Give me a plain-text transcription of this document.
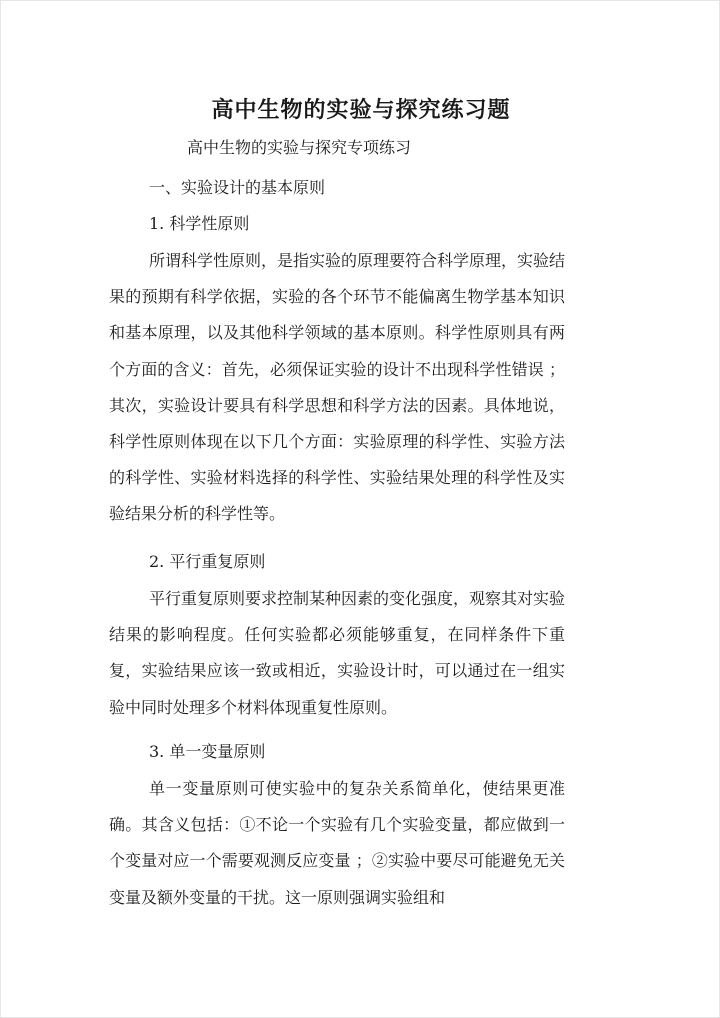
高中生物的实验与探究练习题

高中生物的实验与探究专项练习

一、实验设计的基本原则

1. 科学性原则

所谓科学性原则，是指实验的原理要符合科学原理，实验结果的预期有科学依据，实验的各个环节不能偏离生物学基本知识和基本原理，以及其他科学领域的基本原则。科学性原则具有两个方面的含义：首先，必须保证实验的设计不出现科学性错误 ；其次，实验设计要具有科学思想和科学方法的因素。具体地说，科学性原则体现在以下几个方面：实验原理的科学性、实验方法的科学性、实验材料选择的科学性、实验结果处理的科学性及实验结果分析的科学性等。

2. 平行重复原则

平行重复原则要求控制某种因素的变化强度，观察其对实验结果的影响程度。任何实验都必须能够重复，在同样条件下重复，实验结果应该一致或相近，实验设计时，可以通过在一组实验中同时处理多个材料体现重复性原则。

3. 单一变量原则

单一变量原则可使实验中的复杂关系简单化，使结果更准确。其含义包括：①不论一个实验有几个实验变量，都应做到一个变量对应一个需要观测反应变量 ；②实验中要尽可能避免无关变量及额外变量的干扰。这一原则强调实验组和
